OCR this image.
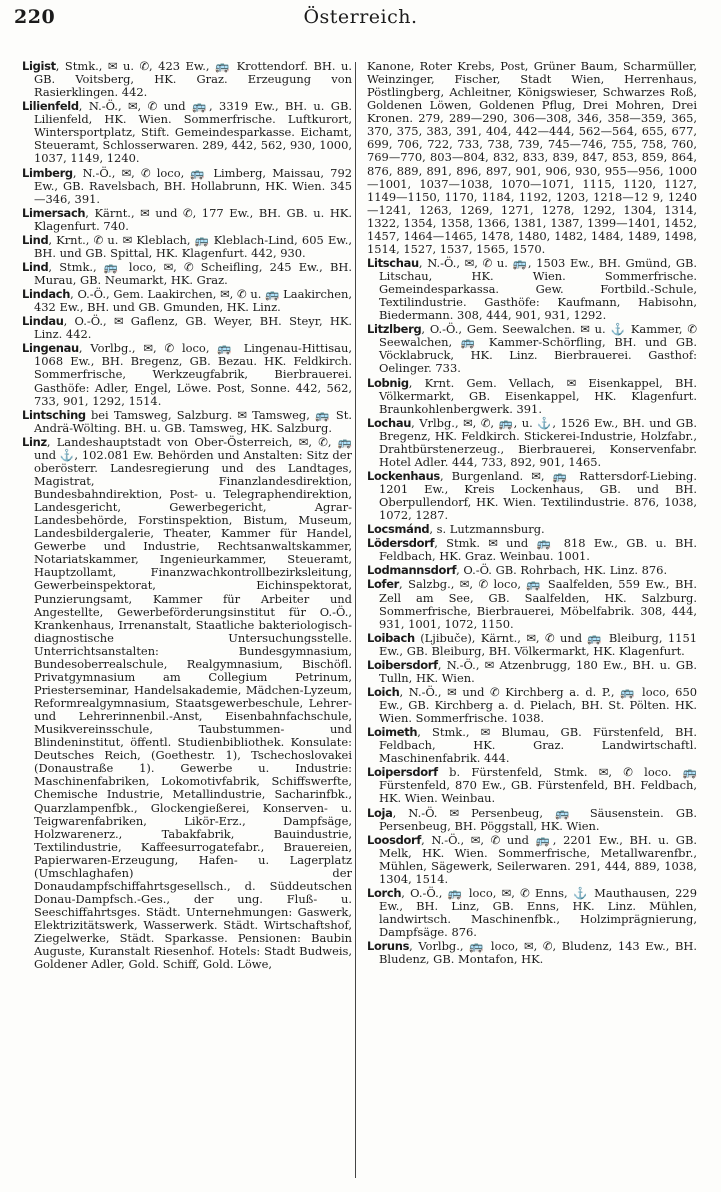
220	Österreich.

Ligist, Stmk., ✉ u. ✆, 423 Ew., 🚌 Krottendorf. BH. u. GB. Voitsberg, HK. Graz. Erzeugung von Rasierklingen. 442.

Lilienfeld, N.-Ö., ✉, ✆ und 🚌, 3319 Ew., BH. u. GB. Lilienfeld, HK. Wien. Sommerfrische. Luftkurort, Wintersportplatz, Stift. Gemeindesparkasse. Eichamt, Steueramt, Schlosserwaren. 289, 442, 562, 930, 1000, 1037, 1149, 1240.

Limberg, N.-Ö., ✉, ✆ loco, 🚌 Limberg, Maissau, 792 Ew., GB. Ravelsbach, BH. Hollabrunn, HK. Wien. 345—346, 391.

Limersach, Kärnt., ✉ und ✆, 177 Ew., BH. GB. u. HK. Klagenfurt. 740.

Lind, Krnt., ✆ u. ✉ Kleblach, 🚌 Kleblach-Lind, 605 Ew., BH. und GB. Spittal, HK. Klagenfurt. 442, 930.

Lind, Stmk., 🚌 loco, ✉, ✆ Scheifling, 245 Ew., BH. Murau, GB. Neumarkt, HK. Graz.

Lindach, O.-Ö., Gem. Laakirchen, ✉, ✆ u. 🚌 Laakirchen, 432 Ew., BH. und GB. Gmunden, HK. Linz.

Lindau, O.-Ö., ✉ Gaflenz, GB. Weyer, BH. Steyr, HK. Linz. 442.

Lingenau, Vorlbg., ✉, ✆ loco, 🚌 Lingenau-Hittisau, 1068 Ew., BH. Bregenz, GB. Bezau. HK. Feldkirch. Sommerfrische, Werkzeugfabrik, Bierbrauerei. Gasthöfe: Adler, Engel, Löwe. Post, Sonne. 442, 562, 733, 901, 1292, 1514.

Lintsching bei Tamsweg, Salzburg. ✉ Tamsweg, 🚌 St. Andrä-Wölting. BH. u. GB. Tamsweg, HK. Salzburg.

Linz, Landeshauptstadt von Ober-Österreich, ✉, ✆, 🚌 und ⚓, 102.081 Ew. Behörden und Anstalten: Sitz der oberösterr. Landesregierung und des Landtages, Magistrat, Finanzlandesdirektion, Bundesbahndirektion, Post- u. Telegraphendirektion, Landesgericht, Gewerbegericht, Agrar-Landesbehörde, Forstinspektion, Bistum, Museum, Landesbildergalerie, Theater, Kammer für Handel, Gewerbe und Industrie, Rechtsanwaltskammer, Notariatskammer, Ingenieurkammer, Steueramt, Hauptzollamt, Finanzwachkontrollbezirksleitung, Gewerbeinspektorat, Eichinspektorat, Punzierungsamt, Kammer für Arbeiter und Angestellte, Gewerbeförderungsinstitut für O.-Ö., Krankenhaus, Irrenanstalt, Staatliche bakteriologisch-diagnostische Untersuchungsstelle. Unterrichtsanstalten: Bundesgymnasium, Bundesoberrealschule, Realgymnasium, Bischöfl. Privatgymnasium am Collegium Petrinum, Priesterseminar, Handelsakademie, Mädchen-Lyzeum, Reformrealgymnasium, Staatsgewerbeschule, Lehrer- und Lehrerinnenbil.-Anst, Eisenbahnfachschule, Musikvereinsschule, Taubstummen- und Blindeninstitut, öffentl. Studienbibliothek. Konsulate: Deutsches Reich, (Goethestr. 1), Tschechoslovakei (Donaustraße 1). Gewerbe u. Industrie: Maschinenfabriken, Lokomotivfabrik, Schiffswerfte, Chemische Industrie, Metallindustrie, Sacharinfbk., Quarzlampenfbk., Glockengießerei, Konserven- u. Teigwarenfabriken, Likör-Erz., Dampfsäge, Holzwarenerz., Tabakfabrik, Bauindustrie, Textilindustrie, Kaffeesurrogatefabr., Brauereien, Papierwaren-Erzeugung, Hafen- u. Lagerplatz (Umschlaghafen) der Donaudampfschiffahrtsgesellsch., d. Süddeutschen Donau-Dampfsch.-Ges., der ung. Fluß- u. Seeschiffahrtsges. Städt. Unternehmungen: Gaswerk, Elektrizitätswerk, Wasserwerk. Städt. Wirtschaftshof, Ziegelwerke, Städt. Sparkasse. Pensionen: Baubin Auguste, Kuranstalt Riesenhof. Hotels: Stadt Budweis, Goldener Adler, Gold. Schiff, Gold. Löwe,

Kanone, Roter Krebs, Post, Grüner Baum, Scharmüller, Weinzinger, Fischer, Stadt Wien, Herrenhaus, Pöstlingberg, Achleitner, Königswieser, Schwarzes Roß, Goldenen Löwen, Goldenen Pflug, Drei Mohren, Drei Kronen. 279, 289—290, 306—308, 346, 358—359, 365, 370, 375, 383, 391, 404, 442—444, 562—564, 655, 677, 699, 706, 722, 733, 738, 739, 745—746, 755, 758, 760, 769—770, 803—804, 832, 833, 839, 847, 853, 859, 864, 876, 889, 891, 896, 897, 901, 906, 930, 955—956, 1000—1001, 1037—1038, 1070—1071, 1115, 1120, 1127, 1149—1150, 1170, 1184, 1192, 1203, 1218—12 9, 1240—1241, 1263, 1269, 1271, 1278, 1292, 1304, 1314, 1322, 1354, 1358, 1366, 1381, 1387, 1399—1401, 1452, 1457, 1464—1465, 1478, 1480, 1482, 1484, 1489, 1498, 1514, 1527, 1537, 1565, 1570.

Litschau, N.-Ö., ✉, ✆ u. 🚌, 1503 Ew., BH. Gmünd, GB. Litschau, HK. Wien. Sommerfrische. Gemeindesparkassa. Gew. Fortbild.-Schule, Textilindustrie. Gasthöfe: Kaufmann, Habisohn, Biedermann. 308, 444, 901, 931, 1292.

Litzlberg, O.-Ö., Gem. Seewalchen. ✉ u. ⚓ Kammer, ✆ Seewalchen, 🚌 Kammer-Schörfling, BH. und GB. Vöcklabruck, HK. Linz. Bierbrauerei. Gasthof: Oelinger. 733.

Lobnig, Krnt. Gem. Vellach, ✉ Eisenkappel, BH. Völkermarkt, GB. Eisenkappel, HK. Klagenfurt. Braunkohlenbergwerk. 391.

Lochau, Vrlbg., ✉, ✆, 🚌, u. ⚓, 1526 Ew., BH. und GB. Bregenz, HK. Feldkirch. Stickerei-Industrie, Holzfabr., Drahtbürstenerzeug., Bierbrauerei, Konservenfabr. Hotel Adler. 444, 733, 892, 901, 1465.

Lockenhaus, Burgenland. ✉, 🚌 Rattersdorf-Liebing. 1201 Ew., Kreis Lockenhaus, GB. und BH. Oberpullendorf, HK. Wien. Textilindustrie. 876, 1038, 1072, 1287.

Locsmánd, s. Lutzmannsburg.

Lödersdorf, Stmk. ✉ und 🚌 818 Ew., GB. u. BH. Feldbach, HK. Graz. Weinbau. 1001.

Lodmannsdorf, O.-Ö. GB. Rohrbach, HK. Linz. 876.

Lofer, Salzbg., ✉, ✆ loco, 🚌 Saalfelden, 559 Ew., BH. Zell am See, GB. Saalfelden, HK. Salzburg. Sommerfrische, Bierbrauerei, Möbelfabrik. 308, 444, 931, 1001, 1072, 1150.

Loibach (Ljibuče), Kärnt., ✉, ✆ und 🚌 Bleiburg, 1151 Ew., GB. Bleiburg, BH. Völkermarkt, HK. Klagenfurt.

Loibersdorf, N.-Ö., ✉ Atzenbrugg, 180 Ew., BH. u. GB. Tulln, HK. Wien.

Loich, N.-Ö., ✉ und ✆ Kirchberg a. d. P., 🚌 loco, 650 Ew., GB. Kirchberg a. d. Pielach, BH. St. Pölten. HK. Wien. Sommerfrische. 1038.

Loimeth, Stmk., ✉ Blumau, GB. Fürstenfeld, BH. Feldbach, HK. Graz. Landwirtschaftl. Maschinenfabrik. 444.

Loipersdorf b. Fürstenfeld, Stmk. ✉, ✆ loco. 🚌 Fürstenfeld, 870 Ew., GB. Fürstenfeld, BH. Feldbach, HK. Wien. Weinbau.

Loja, N.-Ö. ✉ Persenbeug, 🚌 Säusenstein. GB. Persenbeug, BH. Pöggstall, HK. Wien.

Loosdorf, N.-Ö., ✉, ✆ und 🚌, 2201 Ew., BH. u. GB. Melk, HK. Wien. Sommerfrische, Metallwarenfbr., Mühlen, Sägewerk, Seilerwaren. 291, 444, 889, 1038, 1304, 1514.

Lorch, O.-Ö., 🚌 loco, ✉, ✆ Enns, ⚓ Mauthausen, 229 Ew., BH. Linz, GB. Enns, HK. Linz. Mühlen, landwirtsch. Maschinenfbk., Holzimprägnierung, Dampfsäge. 876.

Loruns, Vorlbg., 🚌 loco, ✉, ✆, Bludenz, 143 Ew., BH. Bludenz, GB. Montafon, HK.
